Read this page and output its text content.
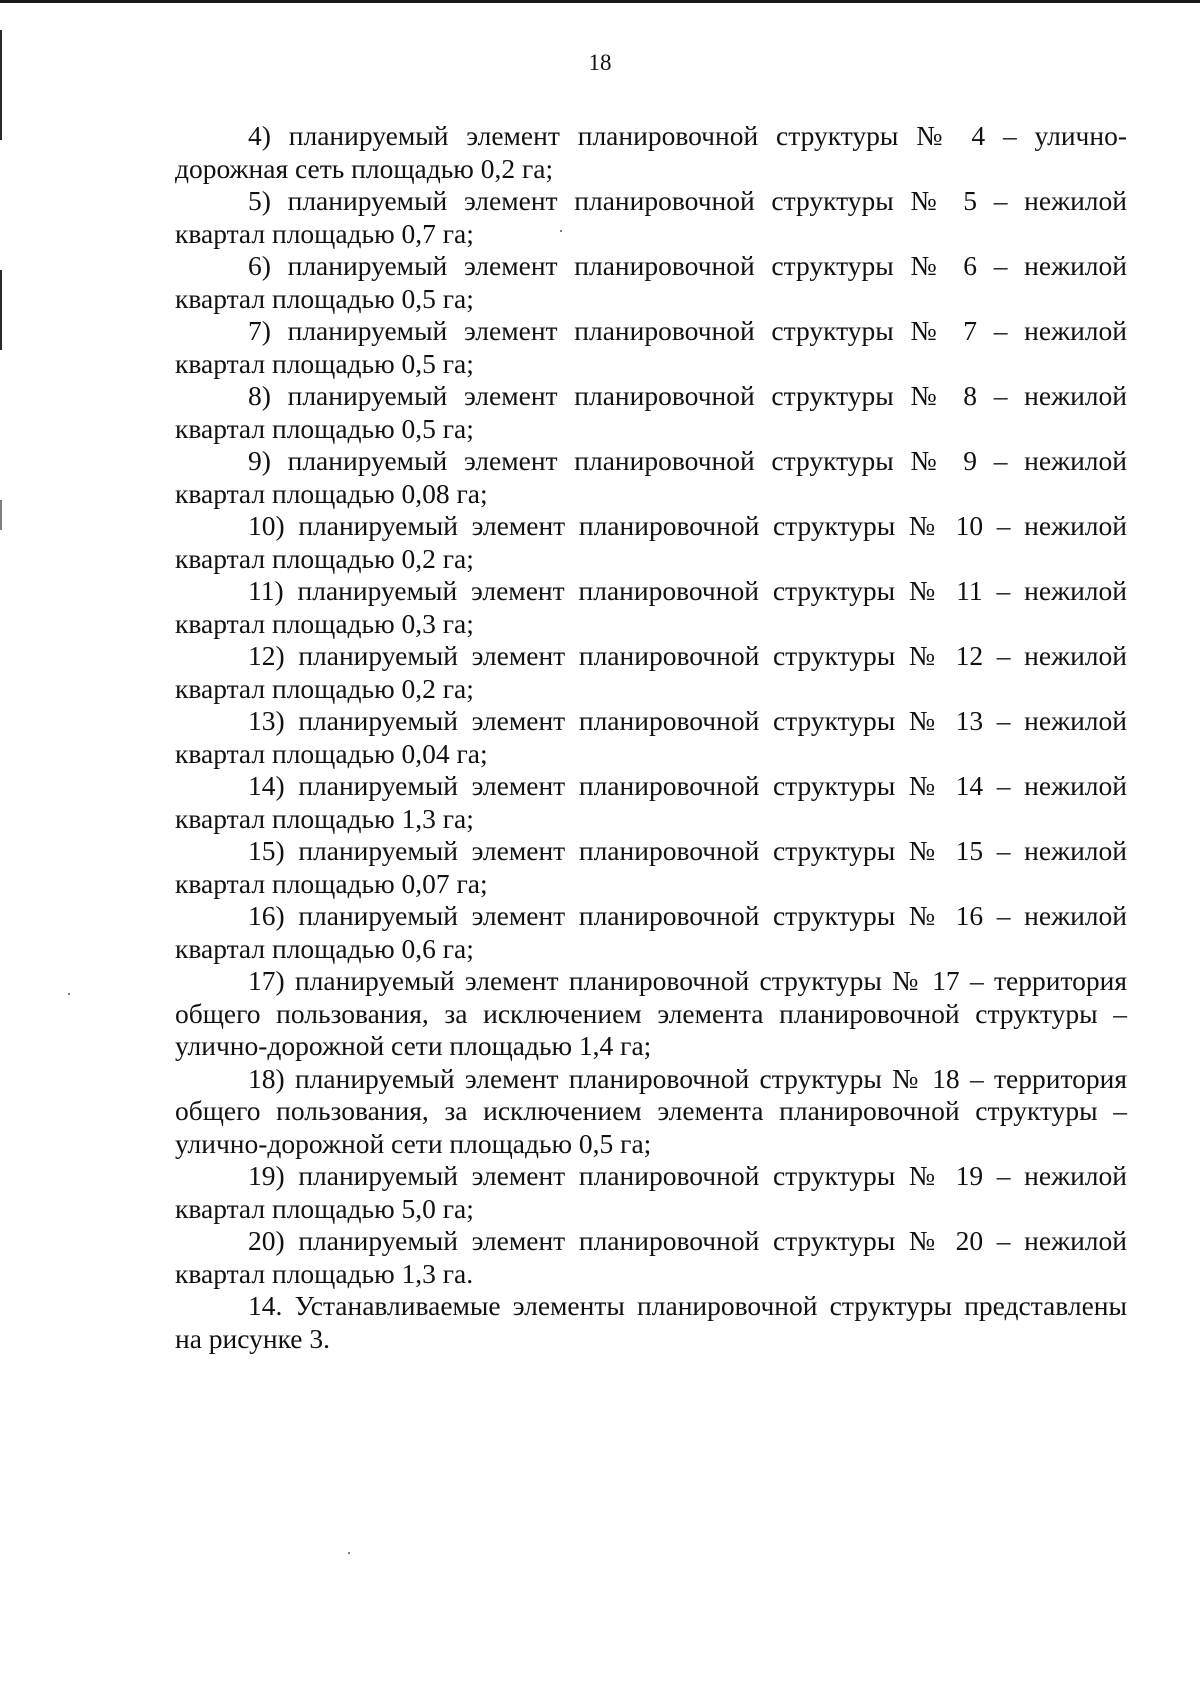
18

4) планируемый элемент планировочной структуры № 4 – улично-дорожная сеть площадью 0,2 га;

5) планируемый элемент планировочной структуры № 5 – нежилой квартал площадью 0,7 га;

6) планируемый элемент планировочной структуры № 6 – нежилой квартал площадью 0,5 га;

7) планируемый элемент планировочной структуры № 7 – нежилой квартал площадью 0,5 га;

8) планируемый элемент планировочной структуры № 8 – нежилой квартал площадью 0,5 га;

9) планируемый элемент планировочной структуры № 9 – нежилой квартал площадью 0,08 га;

10) планируемый элемент планировочной структуры № 10 – нежилой квартал площадью 0,2 га;

11) планируемый элемент планировочной структуры № 11 – нежилой квартал площадью 0,3 га;

12) планируемый элемент планировочной структуры № 12 – нежилой квартал площадью 0,2 га;

13) планируемый элемент планировочной структуры № 13 – нежилой квартал площадью 0,04 га;

14) планируемый элемент планировочной структуры № 14 – нежилой квартал площадью 1,3 га;

15) планируемый элемент планировочной структуры № 15 – нежилой квартал площадью 0,07 га;

16) планируемый элемент планировочной структуры № 16 – нежилой квартал площадью 0,6 га;

17) планируемый элемент планировочной структуры № 17 – территория общего пользования, за исключением элемента планировочной структуры – улично-дорожной сети площадью 1,4 га;

18) планируемый элемент планировочной структуры № 18 – территория общего пользования, за исключением элемента планировочной структуры – улично-дорожной сети площадью 0,5 га;

19) планируемый элемент планировочной структуры № 19 – нежилой квартал площадью 5,0 га;

20) планируемый элемент планировочной структуры № 20 – нежилой квартал площадью 1,3 га.

14. Устанавливаемые элементы планировочной структуры представлены на рисунке 3.
